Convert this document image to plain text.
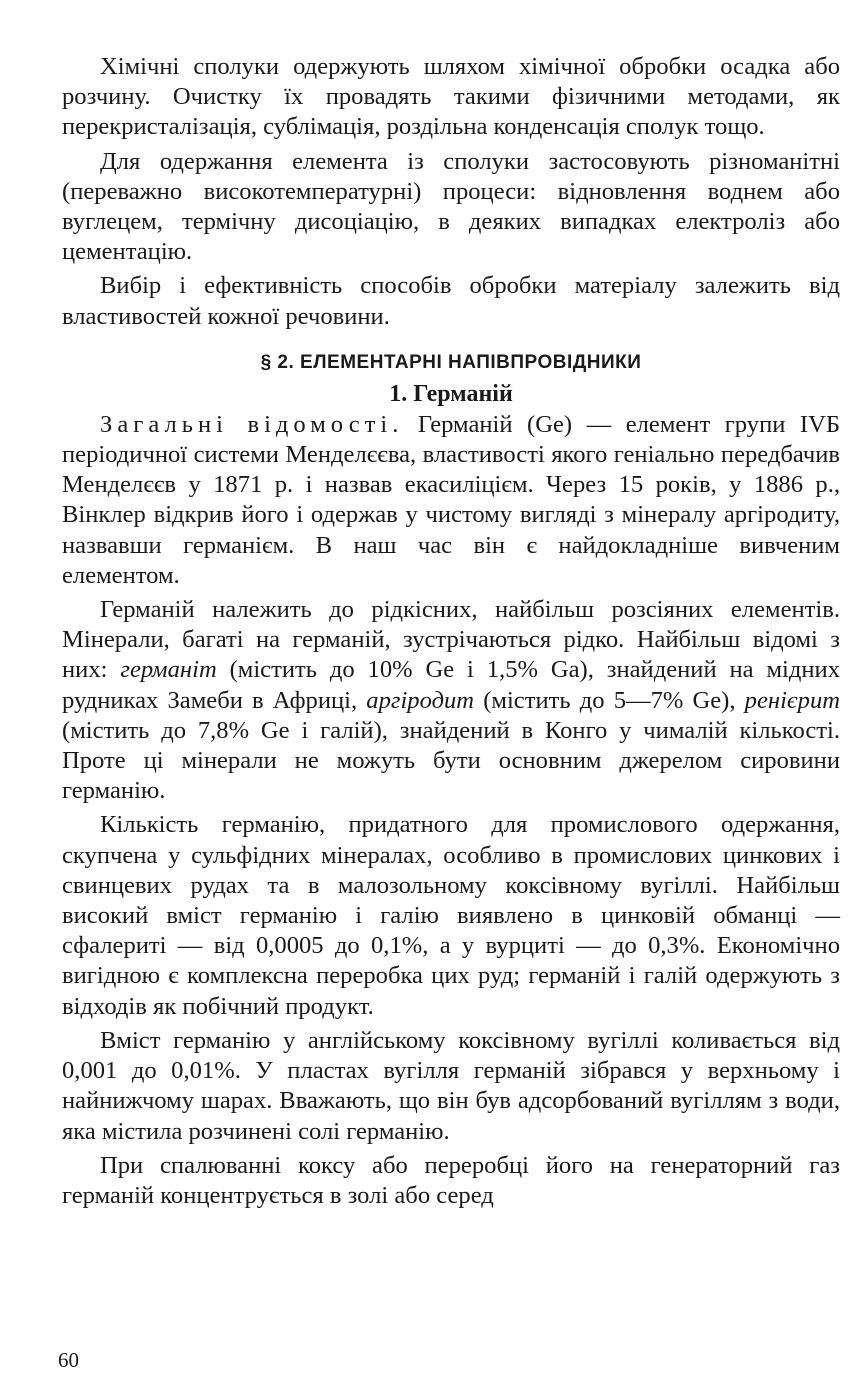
Хімічні сполуки одержують шляхом хімічної обробки осадка або розчину. Очистку їх провадять такими фізичними методами, як перекристалізація, сублімація, роздільна конденсація сполук тощо.

Для одержання елемента із сполуки застосовують різноманітні (переважно високотемпературні) процеси: відновлення воднем або вуглецем, термічну дисоціацію, в деяких випадках електроліз або цементацію.

Вибір і ефективність способів обробки матеріалу залежить від властивостей кожної речовини.

§ 2. ЕЛЕМЕНТАРНІ НАПІВПРОВІДНИКИ
1. Германій

Загальні відомості. Германій (Ge) — елемент групи IVБ періодичної системи Менделєєва, властивості якого геніально передбачив Менделєєв у 1871 р. і назвав екасиліцієм. Через 15 років, у 1886 р., Вінклер відкрив його і одержав у чистому вигляді з мінералу аргіродиту, назвавши германієм. В наш час він є найдокладніше вивченим елементом.

Германій належить до рідкісних, найбільш розсіяних елементів. Мінерали, багаті на германій, зустрічаються рідко. Найбільш відомі з них: германіт (містить до 10% Ge і 1,5% Ga), знайдений на мідних рудниках Замеби в Африці, аргіродит (містить до 5—7% Ge), ренієрит (містить до 7,8% Ge і галій), знайдений в Конго у чималій кількості. Проте ці мінерали не можуть бути основним джерелом сировини германію.

Кількість германію, придатного для промислового одержання, скупчена у сульфідних мінералах, особливо в промислових цинкових і свинцевих рудах та в малозольному коксівному вугіллі. Найбільш високий вміст германію і галію виявлено в цинковій обманці — сфалериті — від 0,0005 до 0,1%, а у вурциті — до 0,3%. Економічно вигідною є комплексна переробка цих руд; германій і галій одержують з відходів як побічний продукт.

Вміст германію у англійському коксівному вугіллі коливається від 0,001 до 0,01%. У пластах вугілля германій зібрався у верхньому і найнижчому шарах. Вважають, що він був адсорбований вугіллям з води, яка містила розчинені солі германію.

При спалюванні коксу або переробці його на генераторний газ германій концентрується в золі або серед

60
